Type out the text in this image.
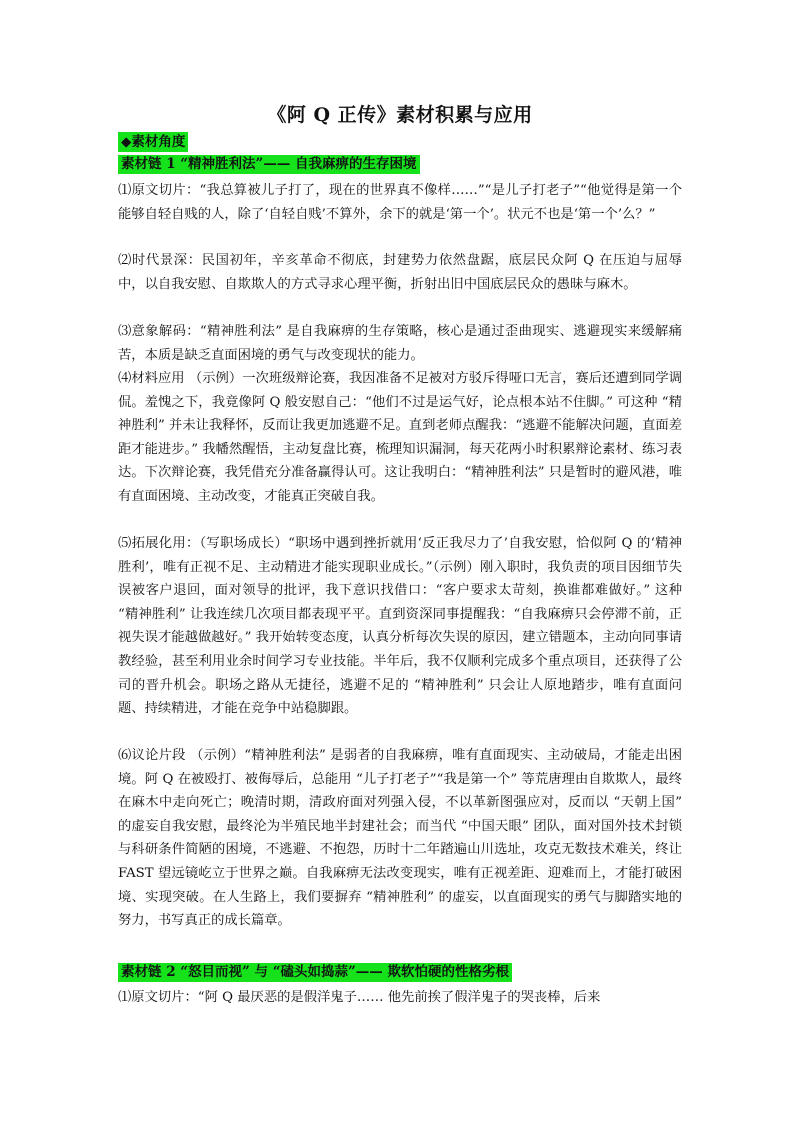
《阿 Q 正传》素材积累与应用
◆素材角度
素材链 1 “精神胜利法”—— 自我麻痹的生存困境

⑴原文切片：“我总算被儿子打了，现在的世界真不像样……”“是儿子打老子”“他觉得是第一个能够自轻自贱的人，除了‘自轻自贱’不算外，余下的就是‘第一个’。状元不也是‘第一个’么？”

⑵时代景深：民国初年，辛亥革命不彻底，封建势力依然盘踞，底层民众阿 Q 在压迫与屈辱中，以自我安慰、自欺欺人的方式寻求心理平衡，折射出旧中国底层民众的愚昧与麻木。

⑶意象解码：“精神胜利法” 是自我麻痹的生存策略，核心是通过歪曲现实、逃避现实来缓解痛苦，本质是缺乏直面困境的勇气与改变现状的能力。

⑷材料应用 （示例）一次班级辩论赛，我因准备不足被对方驳斥得哑口无言，赛后还遭到同学调侃。羞愧之下，我竟像阿 Q 般安慰自己：“他们不过是运气好，论点根本站不住脚。” 可这种 “精神胜利” 并未让我释怀，反而让我更加逃避不足。直到老师点醒我：“逃避不能解决问题，直面差距才能进步。” 我幡然醒悟，主动复盘比赛，梳理知识漏洞，每天花两小时积累辩论素材、练习表达。下次辩论赛，我凭借充分准备赢得认可。这让我明白：“精神胜利法” 只是暂时的避风港，唯有直面困境、主动改变，才能真正突破自我。

⑸拓展化用：（写职场成长）“职场中遇到挫折就用‘反正我尽力了’自我安慰，恰似阿 Q 的‘精神胜利’，唯有正视不足、主动精进才能实现职业成长。”（示例）刚入职时，我负责的项目因细节失误被客户退回，面对领导的批评，我下意识找借口：“客户要求太苛刻，换谁都难做好。” 这种 “精神胜利” 让我连续几次项目都表现平平。直到资深同事提醒我：“自我麻痹只会停滞不前，正视失误才能越做越好。” 我开始转变态度，认真分析每次失误的原因，建立错题本，主动向同事请教经验，甚至利用业余时间学习专业技能。半年后，我不仅顺利完成多个重点项目，还获得了公司的晋升机会。职场之路从无捷径，逃避不足的 “精神胜利” 只会让人原地踏步，唯有直面问题、持续精进，才能在竞争中站稳脚跟。

⑹议论片段 （示例）“精神胜利法” 是弱者的自我麻痹，唯有直面现实、主动破局，才能走出困境。阿 Q 在被殴打、被侮辱后，总能用 “儿子打老子”“我是第一个” 等荒唐理由自欺欺人，最终在麻木中走向死亡；晚清时期，清政府面对列强入侵，不以革新图强应对，反而以 “天朝上国” 的虚妄自我安慰，最终沦为半殖民地半封建社会；而当代 “中国天眼” 团队，面对国外技术封锁与科研条件简陋的困境，不逃避、不抱怨，历时十二年踏遍山川选址，攻克无数技术难关，终让 FAST 望远镜屹立于世界之巅。自我麻痹无法改变现实，唯有正视差距、迎难而上，才能打破困境、实现突破。在人生路上，我们要摒弃 “精神胜利” 的虚妄，以直面现实的勇气与脚踏实地的努力，书写真正的成长篇章。

素材链 2 “怒目而视” 与 “磕头如捣蒜”—— 欺软怕硬的性格劣根

⑴原文切片：“阿 Q 最厌恶的是假洋鬼子…… 他先前挨了假洋鬼子的哭丧棒，后来
